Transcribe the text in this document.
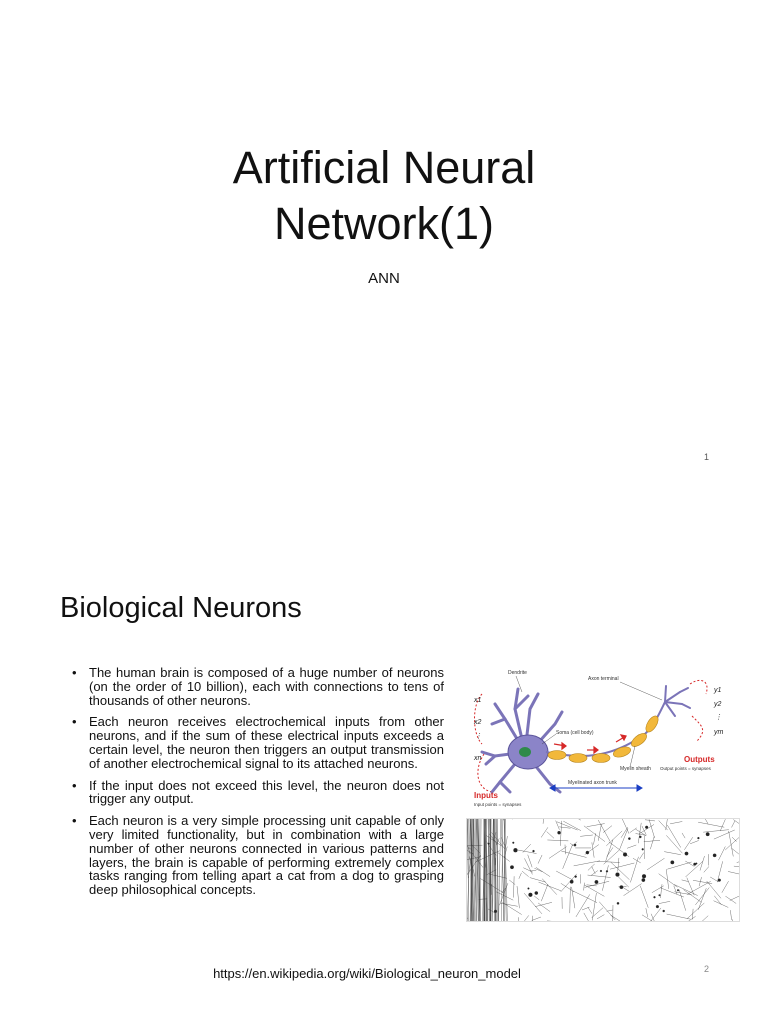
Artificial Neural
Network(1)

ANN

1
Biological Neurons
• The human brain is composed of a huge number of neurons (on the order of 10 billion), each with connections to tens of thousands of other neurons.
• Each neuron receives electrochemical inputs from other neurons, and if the sum of these electrical inputs exceeds a certain level, the neuron then triggers an output transmission of another electrochemical signal to its attached neurons.
• If the input does not exceed this level, the neuron does not trigger any output.
• Each neuron is a very simple processing unit capable of only very limited functionality, but in combination with a large number of other neurons connected in various patterns and layers, the brain is capable of performing extremely complex tasks ranging from telling apart a cat from a dog to grasping deep philosophical concepts.
Dendrite
Axon terminal
Soma (cell body)
Myelin sheath
Myelinated axon trunk
x1
x2
⋮
xn
y1
y2
⋮
ym
Inputs
Input points = synapses
Outputs
Output points = synapses

https://en.wikipedia.org/wiki/Biological_neuron_model	2
